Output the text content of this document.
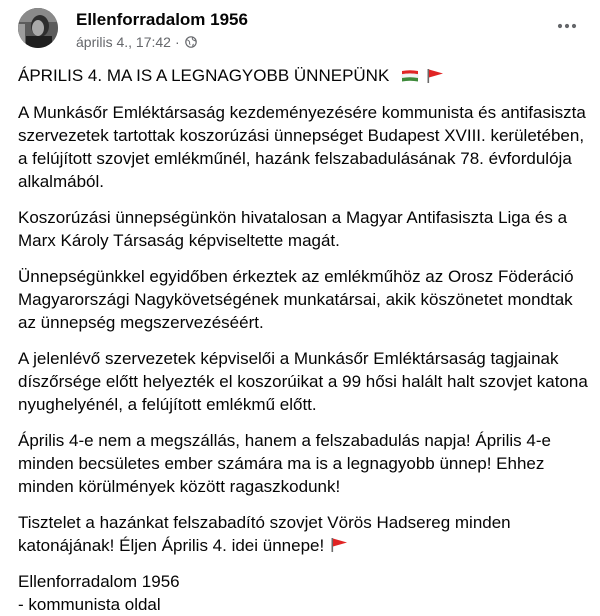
Ellenforradalom 1956
április 4., 17:42 ·
ÁPRILIS 4. MA IS A LEGNAGYOBB ÜNNEPÜNK

A Munkásőr Emléktársaság kezdeményezésére kommunista és antifasiszta szervezetek tartottak koszorúzási ünnepséget Budapest XVIII. kerületében, a felújított szovjet emlékműnél, hazánk felszabadulásának 78. évfordulója alkalmából.

Koszorúzási ünnepségünkön hivatalosan a Magyar Antifasiszta Liga és a Marx Károly Társaság képviseltette magát.

Ünnepségünkkel egyidőben érkeztek az emlékműhöz az Orosz Föderáció Magyarországi Nagykövetségének munkatársai, akik köszönetet mondtak az ünnepség megszervezéséért.

A jelenlévő szervezetek képviselői a Munkásőr Emléktársaság tagjainak díszőrsége előtt helyezték el koszorúikat a 99 hősi halált halt szovjet katona nyughelyénél, a felújított emlékmű előtt.

Április 4-e nem a megszállás, hanem a felszabadulás napja! Április 4-e minden becsületes ember számára ma is a legnagyobb ünnep! Ehhez minden körülmények között ragaszkodunk!

Tisztelet a hazánkat felszabadító szovjet Vörös Hadsereg minden katonájának! Éljen Április 4. idei ünnepe!

Ellenforradalom 1956

- kommunista oldal
